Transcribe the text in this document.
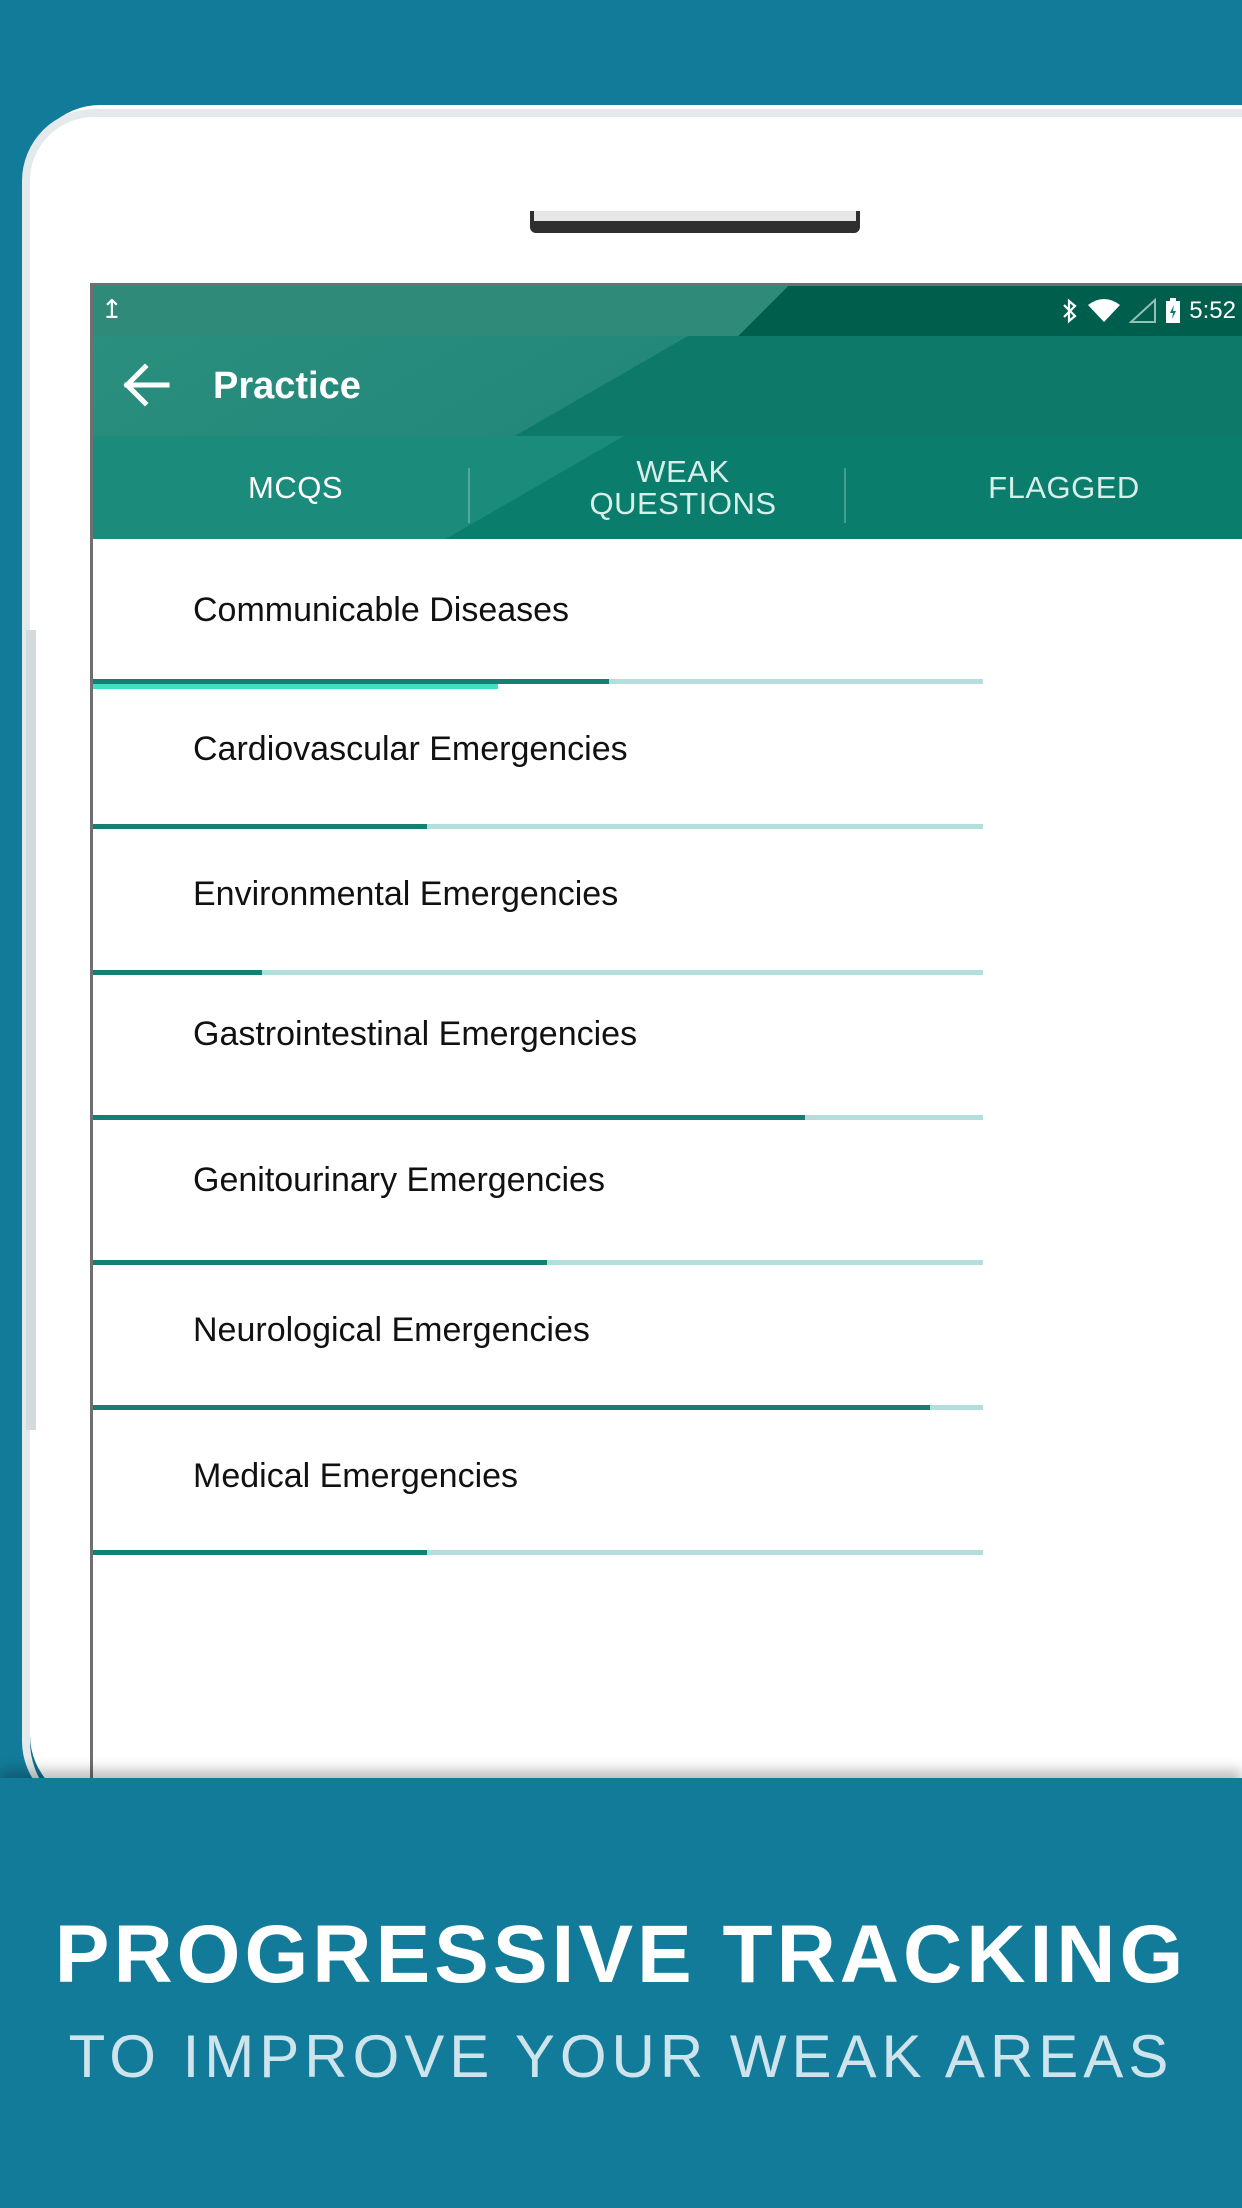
↥	5:52
Practice
MCQS	WEAK
QUESTIONS	FLAGGED
Communicable Diseases
Cardiovascular Emergencies
Environmental Emergencies
Gastrointestinal Emergencies
Genitourinary Emergencies
Neurological Emergencies
Medical Emergencies
PROGRESSIVE TRACKING
TO IMPROVE YOUR WEAK AREAS
